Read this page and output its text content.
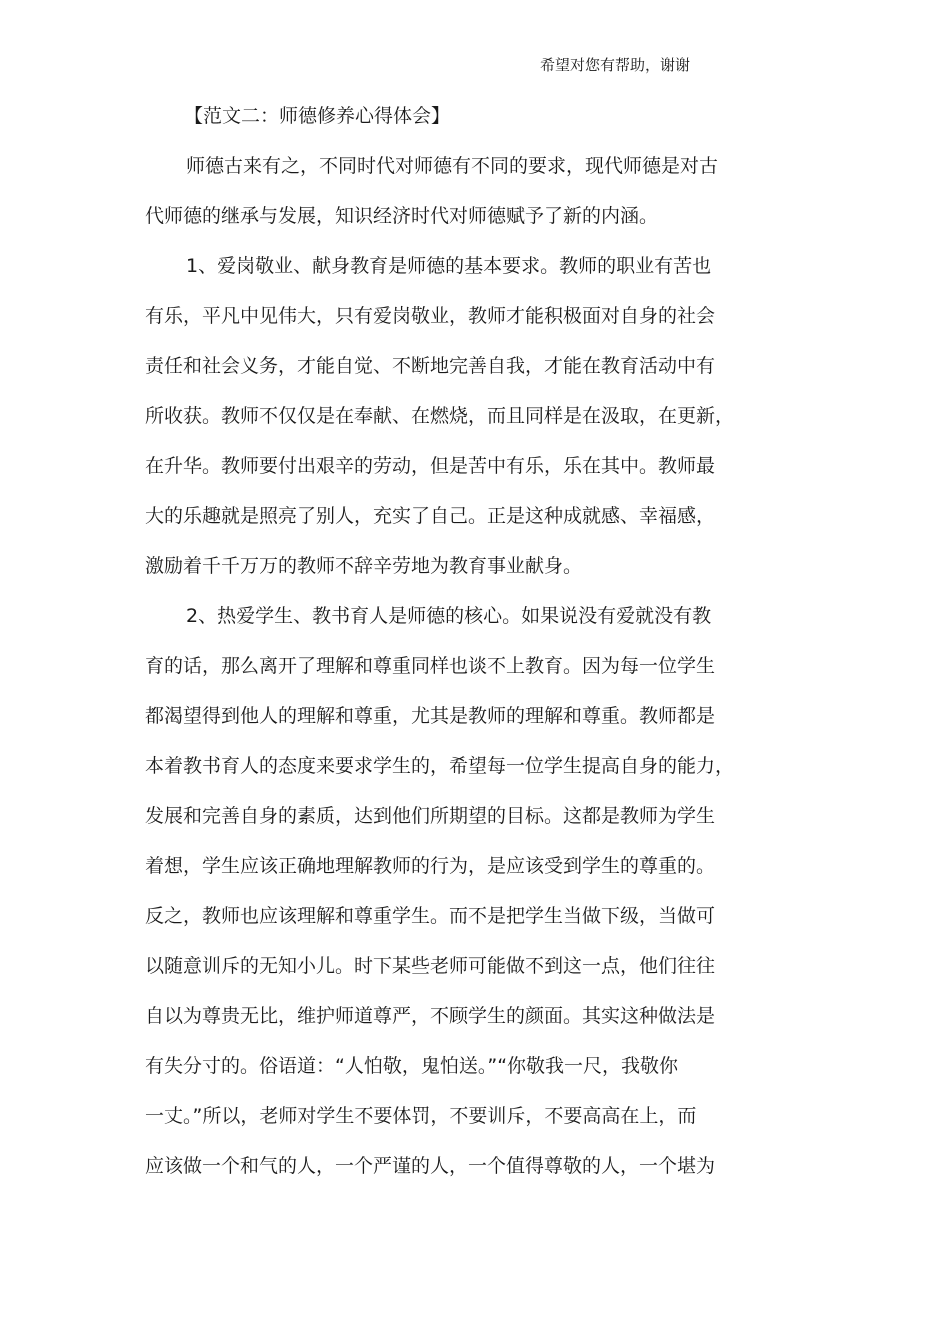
希望对您有帮助，谢谢
【范文二：师德修养心得体会】
师德古来有之，不同时代对师德有不同的要求，现代师德是对古
代师德的继承与发展，知识经济时代对师德赋予了新的内涵。
1、爱岗敬业、献身教育是师德的基本要求。教师的职业有苦也
有乐，平凡中见伟大，只有爱岗敬业，教师才能积极面对自身的社会
责任和社会义务，才能自觉、不断地完善自我，才能在教育活动中有
所收获。教师不仅仅是在奉献、在燃烧，而且同样是在汲取，在更新，
在升华。教师要付出艰辛的劳动，但是苦中有乐，乐在其中。教师最
大的乐趣就是照亮了别人，充实了自己。正是这种成就感、幸福感，
激励着千千万万的教师不辞辛劳地为教育事业献身。
2、热爱学生、教书育人是师德的核心。如果说没有爱就没有教
育的话，那么离开了理解和尊重同样也谈不上教育。因为每一位学生
都渴望得到他人的理解和尊重，尤其是教师的理解和尊重。教师都是
本着教书育人的态度来要求学生的，希望每一位学生提高自身的能力，
发展和完善自身的素质，达到他们所期望的目标。这都是教师为学生
着想，学生应该正确地理解教师的行为，是应该受到学生的尊重的。
反之，教师也应该理解和尊重学生。而不是把学生当做下级，当做可
以随意训斥的无知小儿。时下某些老师可能做不到这一点，他们往往
自以为尊贵无比，维护师道尊严，不顾学生的颜面。其实这种做法是
有失分寸的。俗语道：“人怕敬，鬼怕送。”“你敬我一尺，我敬你
一丈。”所以，老师对学生不要体罚，不要训斥，不要高高在上，而
应该做一个和气的人，一个严谨的人，一个值得尊敬的人，一个堪为
